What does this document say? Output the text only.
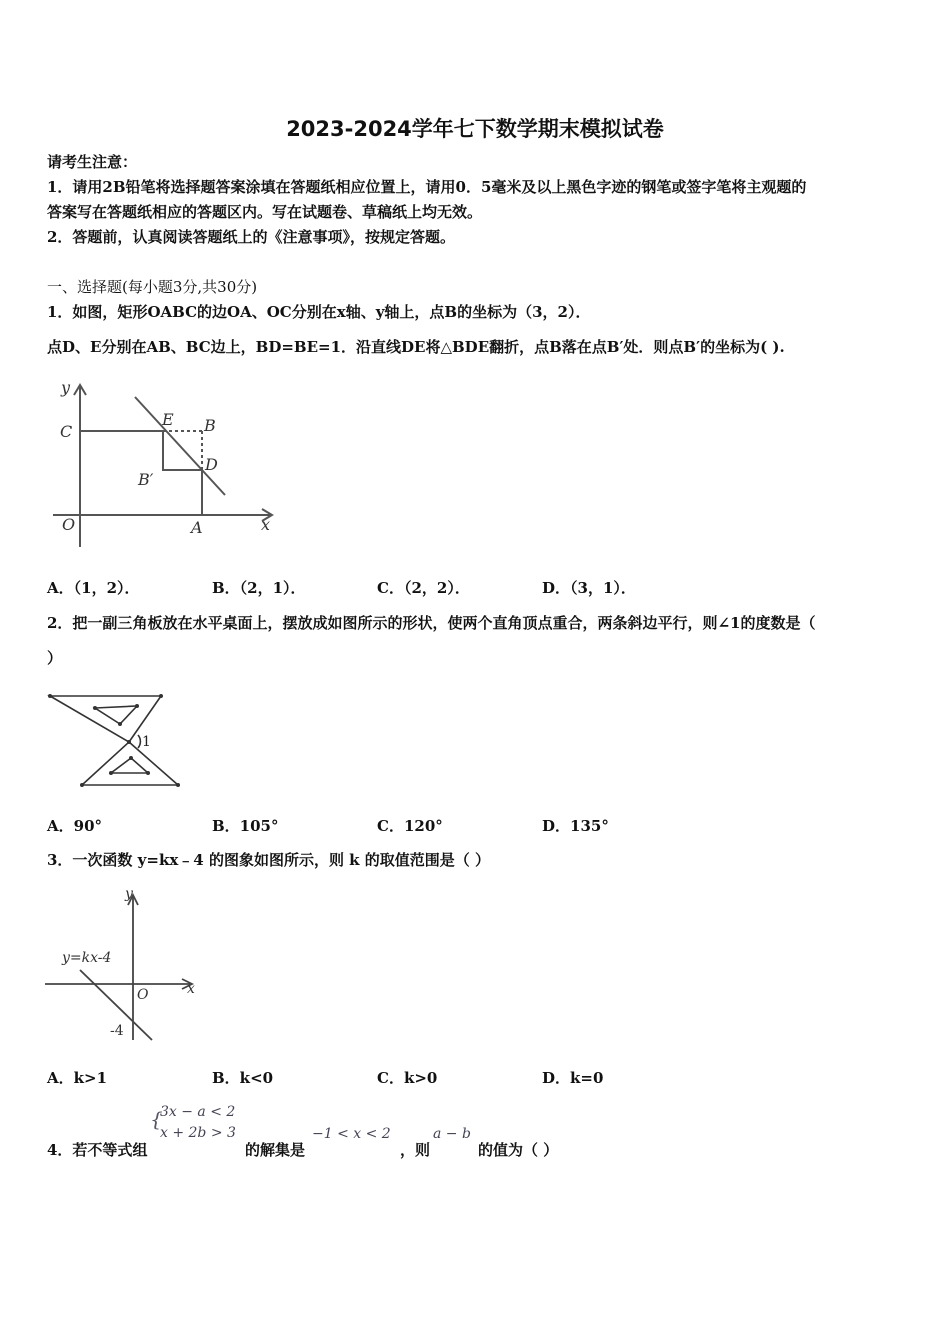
2023-2024学年七下数学期末模拟试卷
请考生注意：
1．请用2B铅笔将选择题答案涂填在答题纸相应位置上，请用0．5毫米及以上黑色字迹的钢笔或签字笔将主观题的
答案写在答题纸相应的答题区内。写在试题卷、草稿纸上均无效。
2．答题前，认真阅读答题纸上的《注意事项》，按规定答题。
一、选择题(每小题3分,共30分)
1．如图，矩形OABC的边OA、OC分别在x轴、y轴上，点B的坐标为（3，2）．
点D、E分别在AB、BC边上，BD=BE=1．沿直线DE将△BDE翻折，点B落在点B′处．则点B′的坐标为( ).
y
x
C
E B
D
B′
O	A
A．（1，2）．	B．（2，1）．	C．（2，2）．	D．（3，1）．
2．把一副三角板放在水平桌面上，摆放成如图所示的形状，使两个直角顶点重合，两条斜边平行，则∠1的度数是（
）
1
A．90°	B．105°	C．120°	D．135°
3．一次函数 y=kx﹣4 的图象如图所示，则 k 的取值范围是（ ）
y
x
O
y=kx-4
-4
A．k>1	B．k<0	C．k>0	D．k=0
4．若不等式组
{
3x − a < 2
x + 2b > 3
的解集是
−1 < x < 2
，则
a − b
的值为（ ）
